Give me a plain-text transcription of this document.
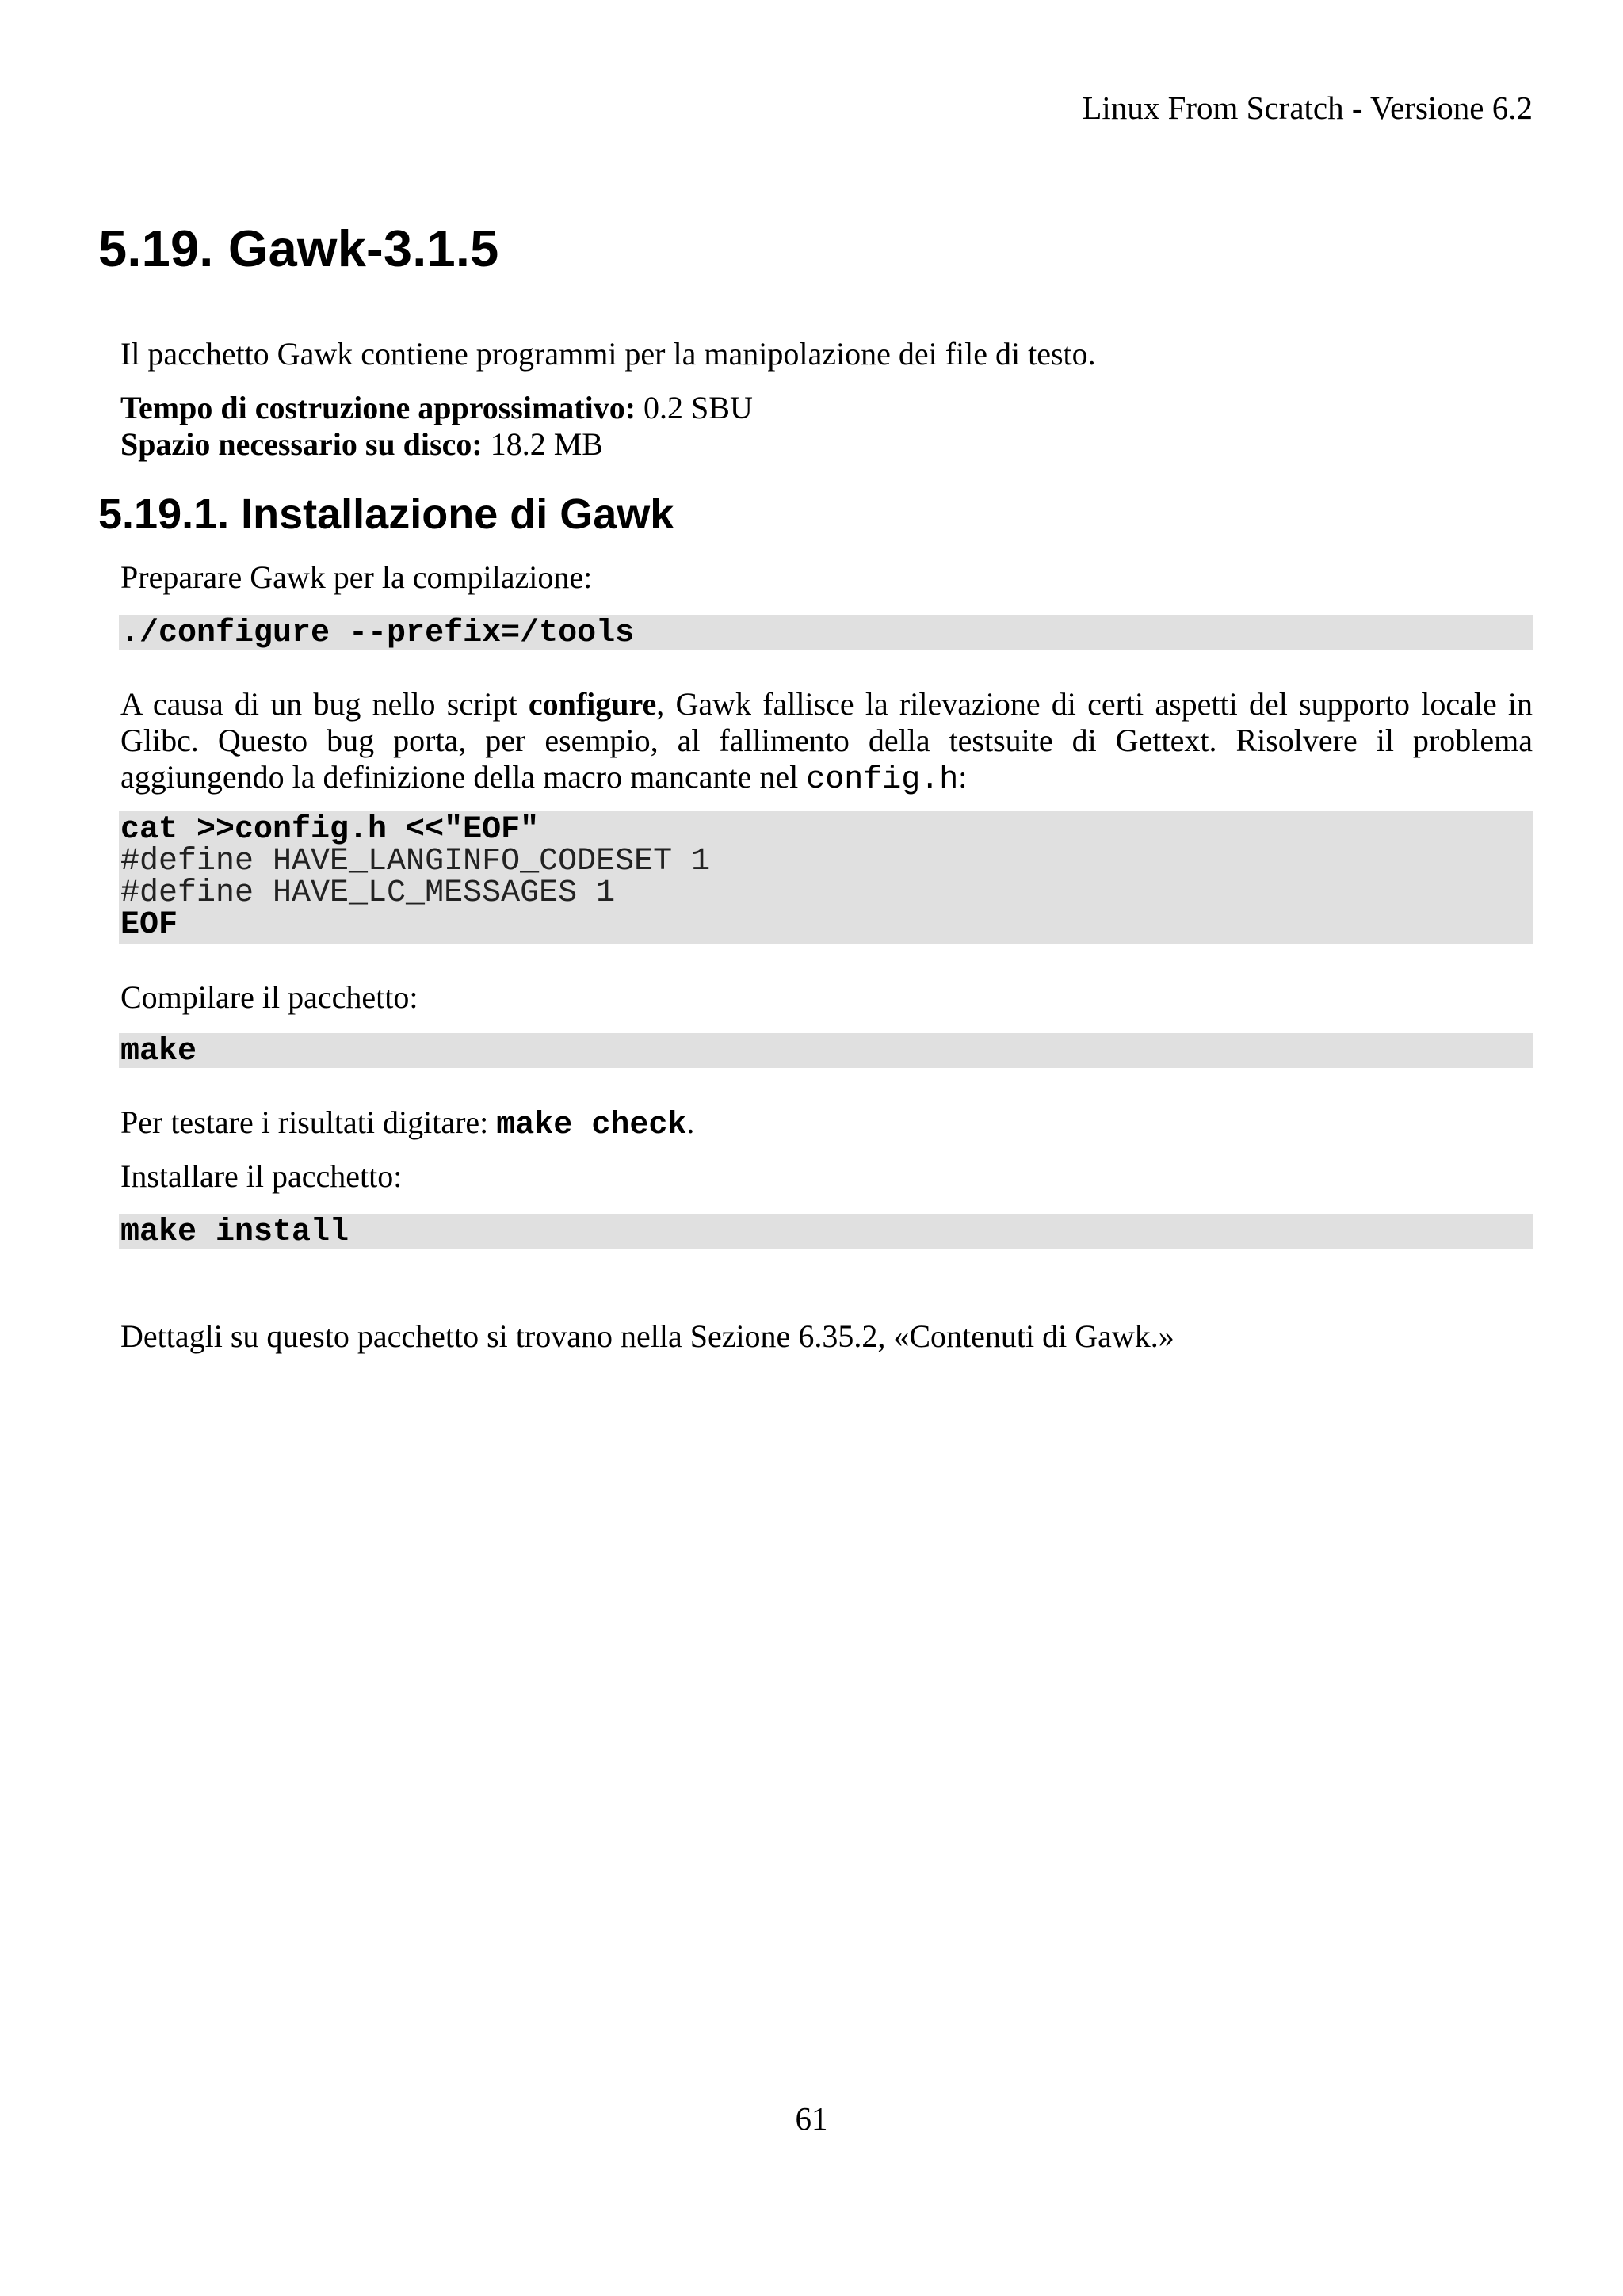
Linux From Scratch - Versione 6.2
5.19. Gawk-3.1.5
Il pacchetto Gawk contiene programmi per la manipolazione dei file di testo.
Tempo di costruzione approssimativo: 0.2 SBU
Spazio necessario su disco: 18.2 MB
5.19.1. Installazione di Gawk
Preparare Gawk per la compilazione:
./configure --prefix=/tools
A causa di un bug nello script configure, Gawk fallisce la rilevazione di certi aspetti del supporto locale in Glibc. Questo bug porta, per esempio, al fallimento della testsuite di Gettext. Risolvere il problema aggiungendo la definizione della macro mancante nel config.h:
cat >>config.h <<"EOF"
#define HAVE_LANGINFO_CODESET 1
#define HAVE_LC_MESSAGES 1
EOF
Compilare il pacchetto:
make
Per testare i risultati digitare: make check.
Installare il pacchetto:
make install
Dettagli su questo pacchetto si trovano nella Sezione 6.35.2, «Contenuti di Gawk.»
61
